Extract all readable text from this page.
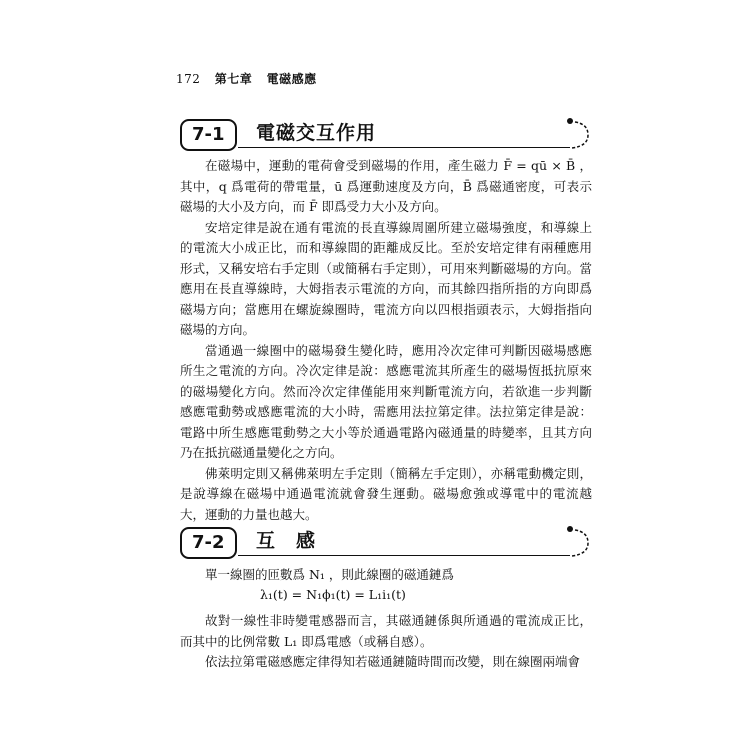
172 第七章 電磁感應
7-1	電磁交互作用

在磁場中，運動的電荷會受到磁場的作用，產生磁力 F̄ = qū × B̄ ，其中，q 爲電荷的帶電量，ū 爲運動速度及方向，B̄ 爲磁通密度，可表示磁場的大小及方向，而 F̄ 即爲受力大小及方向。

安培定律是說在通有電流的長直導線周圍所建立磁場強度，和導線上的電流大小成正比，而和導線間的距離成反比。至於安培定律有兩種應用形式，又稱安培右手定則（或簡稱右手定則），可用來判斷磁場的方向。當應用在長直導線時，大姆指表示電流的方向，而其餘四指所指的方向即爲磁場方向；當應用在螺旋線圈時，電流方向以四根指頭表示，大姆指指向磁場的方向。

當通過一線圈中的磁場發生變化時，應用冷次定律可判斷因磁場感應所生之電流的方向。冷次定律是說：感應電流其所產生的磁場恆抵抗原來的磁場變化方向。然而冷次定律僅能用來判斷電流方向，若欲進一步判斷感應電動勢或感應電流的大小時，需應用法拉第定律。法拉第定律是說：電路中所生感應電動勢之大小等於通過電路內磁通量的時變率，且其方向乃在抵抗磁通量變化之方向。

佛萊明定則又稱佛萊明左手定則（簡稱左手定則），亦稱電動機定則，是說導線在磁場中通過電流就會發生運動。磁場愈強或導電中的電流越大，運動的力量也越大。

7-2	互　感

單一線圈的匝數爲 N₁ ，則此線圈的磁通鏈爲

λ₁(t) = N₁ϕ₁(t) = L₁i₁(t)

故對一線性非時變電感器而言，其磁通鏈係與所通過的電流成正比，而其中的比例常數 L₁ 即爲電感（或稱自感）。

依法拉第電磁感應定律得知若磁通鏈隨時間而改變，則在線圈兩端會
